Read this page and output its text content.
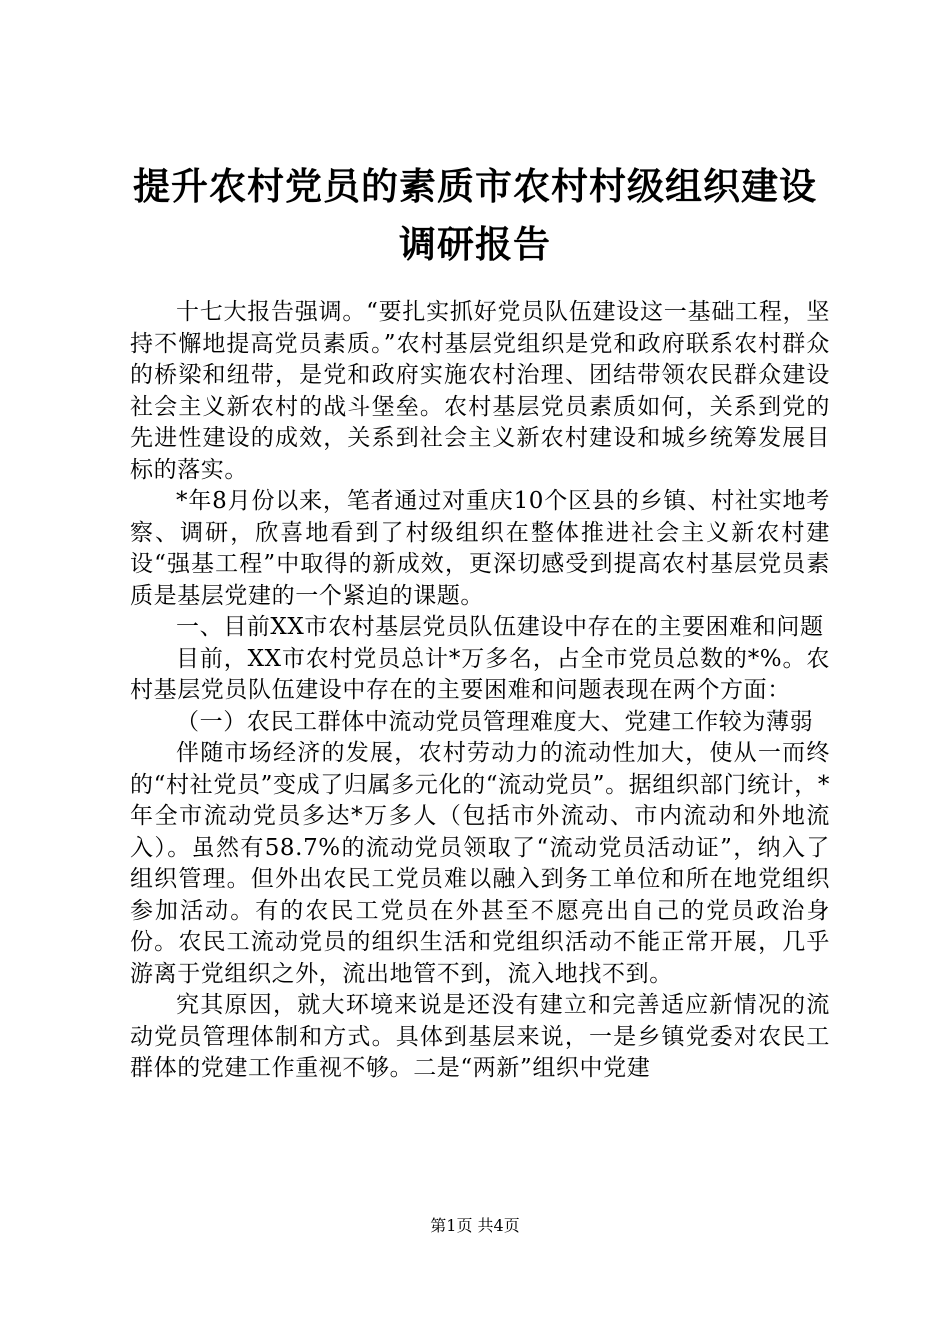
提升农村党员的素质市农村村级组织建设调研报告

十七大报告强调。“要扎实抓好党员队伍建设这一基础工程，坚持不懈地提高党员素质。”农村基层党组织是党和政府联系农村群众的桥梁和纽带，是党和政府实施农村治理、团结带领农民群众建设社会主义新农村的战斗堡垒。农村基层党员素质如何，关系到党的先进性建设的成效，关系到社会主义新农村建设和城乡统筹发展目标的落实。

*年8月份以来，笔者通过对重庆10个区县的乡镇、村社实地考察、调研，欣喜地看到了村级组织在整体推进社会主义新农村建设“强基工程”中取得的新成效，更深切感受到提高农村基层党员素质是基层党建的一个紧迫的课题。

一、目前XX市农村基层党员队伍建设中存在的主要困难和问题

目前，XX市农村党员总计*万多名，占全市党员总数的*%。农村基层党员队伍建设中存在的主要困难和问题表现在两个方面：

（一）农民工群体中流动党员管理难度大、党建工作较为薄弱

伴随市场经济的发展，农村劳动力的流动性加大，使从一而终的“村社党员”变成了归属多元化的“流动党员”。据组织部门统计，*年全市流动党员多达*万多人（包括市外流动、市内流动和外地流入）。虽然有58.7%的流动党员领取了“流动党员活动证”，纳入了组织管理。但外出农民工党员难以融入到务工单位和所在地党组织参加活动。有的农民工党员在外甚至不愿亮出自己的党员政治身份。农民工流动党员的组织生活和党组织活动不能正常开展，几乎游离于党组织之外，流出地管不到，流入地找不到。

究其原因，就大环境来说是还没有建立和完善适应新情况的流动党员管理体制和方式。具体到基层来说，一是乡镇党委对农民工群体的党建工作重视不够。二是“两新”组织中党建

第1页 共4页
